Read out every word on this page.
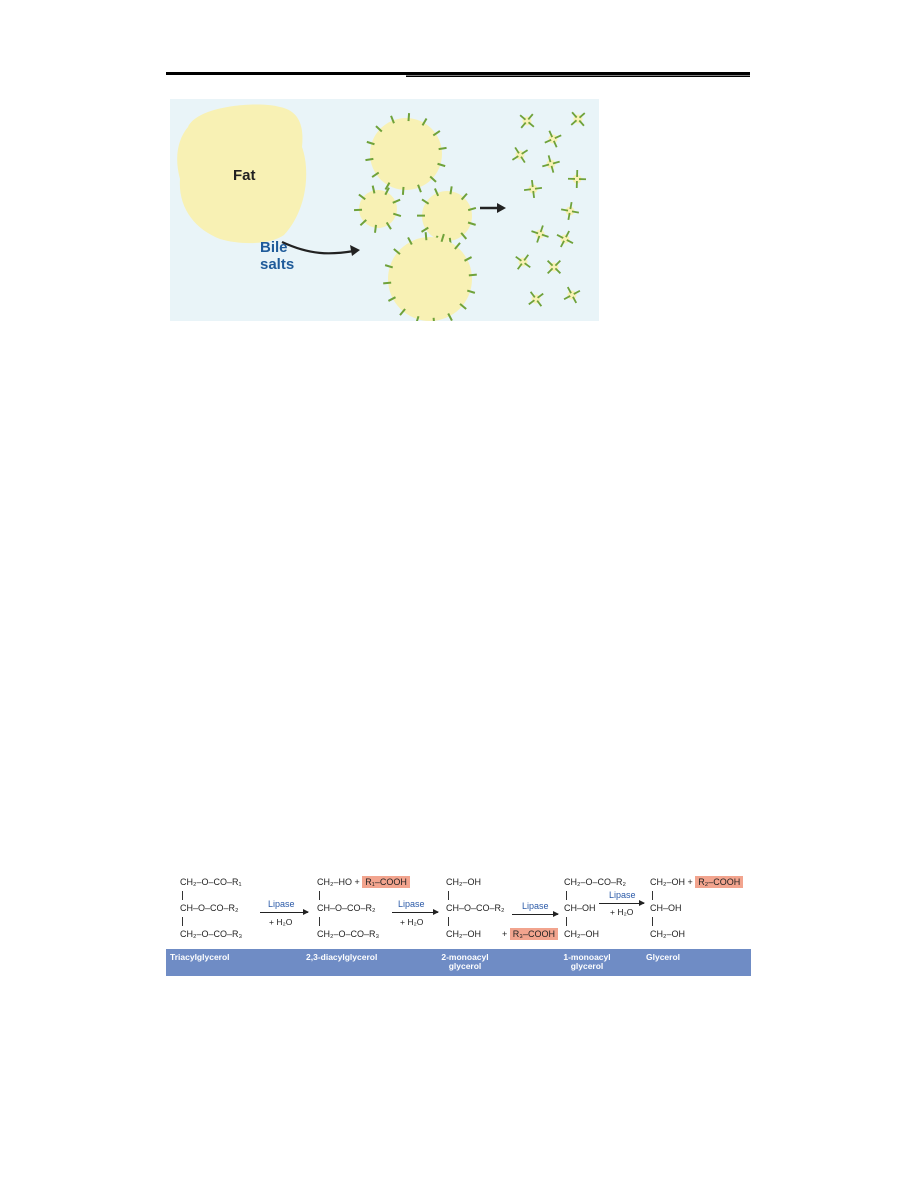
Fat
Bile
salts
CH₂–O–CO–R₁
CH–O–CO–R₂
CH₂–O–CO–R₃
Lipase
+ H₂O
CH₂–HO + R₁–COOH
CH–O–CO–R₂
CH₂–O–CO–R₃
Lipase
+ H₂O
CH₂–OH
CH–O–CO–R₂
CH₂–OH
Lipase
+ R₃–COOH
CH₂–O–CO–R₂
CH–OH
CH₂–OH
Lipase
+ H₂O
CH₂–OH + R₂–COOH
CH–OH
CH₂–OH
Triacylglycerol	2,3-diacylglycerol	2-monoacyl
glycerol
1-monoacyl
glycerol
Glycerol
